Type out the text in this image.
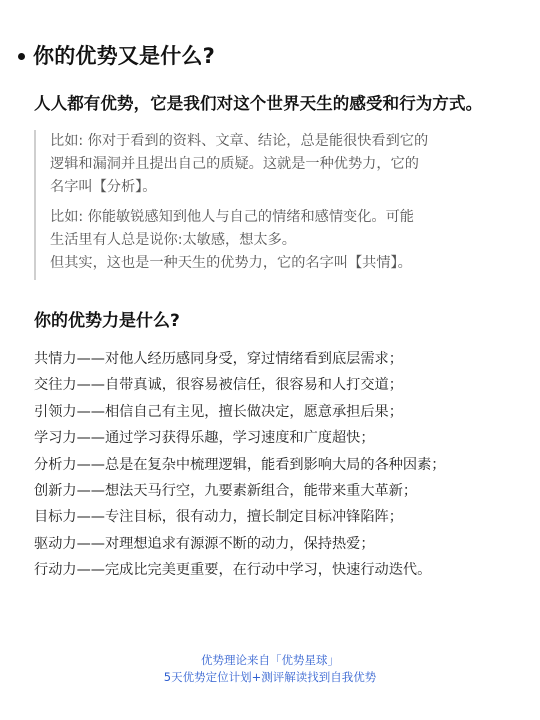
你的优势又是什么?
人人都有优势，它是我们对这个世界天生的感受和行为方式。

比如: 你对于看到的资料、文章、结论，总是能很快看到它的
逻辑和漏洞并且提出自己的质疑。这就是一种优势力，它的
名字叫【分析】。

比如: 你能敏锐感知到他人与自己的情绪和感情变化。可能
生活里有人总是说你:太敏感，想太多。
但其实，这也是一种天生的优势力，它的名字叫【共情】。

你的优势力是什么?
共情力——对他人经历感同身受，穿过情绪看到底层需求；
交往力——自带真诚，很容易被信任，很容易和人打交道；
引领力——相信自己有主见，擅长做决定，愿意承担后果；
学习力——通过学习获得乐趣，学习速度和广度超快；
分析力——总是在复杂中梳理逻辑，能看到影响大局的各种因素；
创新力——想法天马行空，九要素新组合，能带来重大革新；
目标力——专注目标，很有动力，擅长制定目标冲锋陷阵；
驱动力——对理想追求有源源不断的动力，保持热爱；
行动力——完成比完美更重要，在行动中学习，快速行动迭代。
优势理论来自「优势星球」
5天优势定位计划+测评解读找到自我优势
